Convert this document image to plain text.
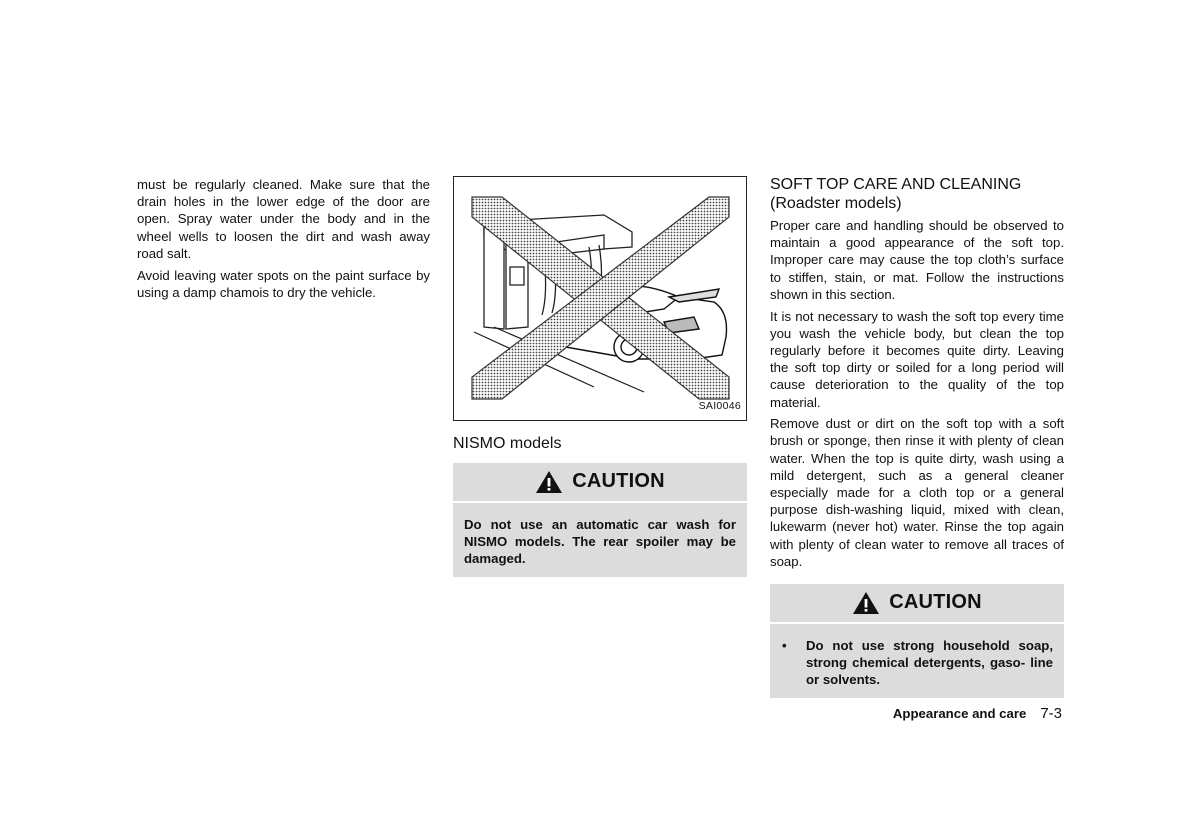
must be regularly cleaned. Make sure that the drain holes in the lower edge of the door are open. Spray water under the body and in the wheel wells to loosen the dirt and wash away road salt.

Avoid leaving water spots on the paint surface by using a damp chamois to dry the vehicle.

SAI0046
NISMO models
CAUTION

Do not use an automatic car wash for NISMO models. The rear spoiler may be damaged.

SOFT TOP CARE AND CLEANING
(Roadster models)

Proper care and handling should be observed to maintain a good appearance of the soft top. Improper care may cause the top cloth’s surface to stiffen, stain, or mat. Follow the instructions shown in this section.

It is not necessary to wash the soft top every time you wash the vehicle body, but clean the top regularly before it becomes quite dirty. Leaving the soft top dirty or soiled for a long period will cause deterioration to the quality of the top material.

Remove dust or dirt on the soft top with a soft brush or sponge, then rinse it with plenty of clean water. When the top is quite dirty, wash using a mild detergent, such as a general cleaner especially made for a cloth top or a general purpose dish-washing liquid, mixed with clean, lukewarm (never hot) water. Rinse the top again with plenty of clean water to remove all traces of soap.

CAUTION
•	Do not use strong household soap, strong chemical detergents, gaso- line or solvents.
Appearance and care 7-3
